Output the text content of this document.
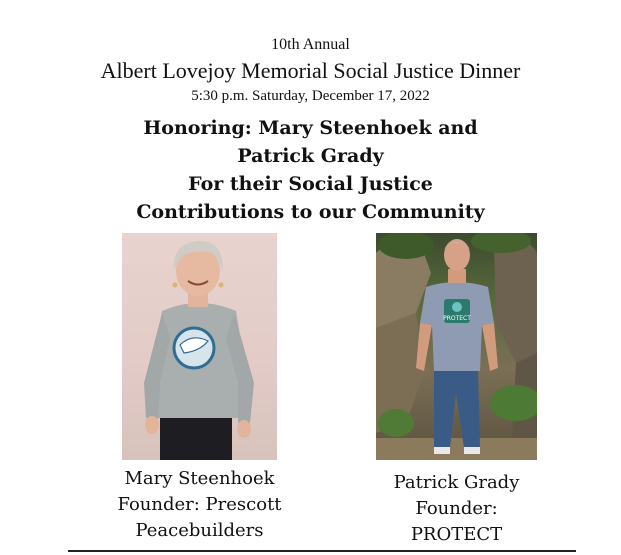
10th Annual
Albert Lovejoy Memorial Social Justice Dinner
5:30 p.m. Saturday, December 17, 2022
Honoring: Mary Steenhoek and
Patrick Grady
For their Social Justice
Contributions to our Community
PROTECT
Mary Steenhoek
Founder: Prescott
Peacebuilders
Patrick Grady
Founder:
PROTECT
